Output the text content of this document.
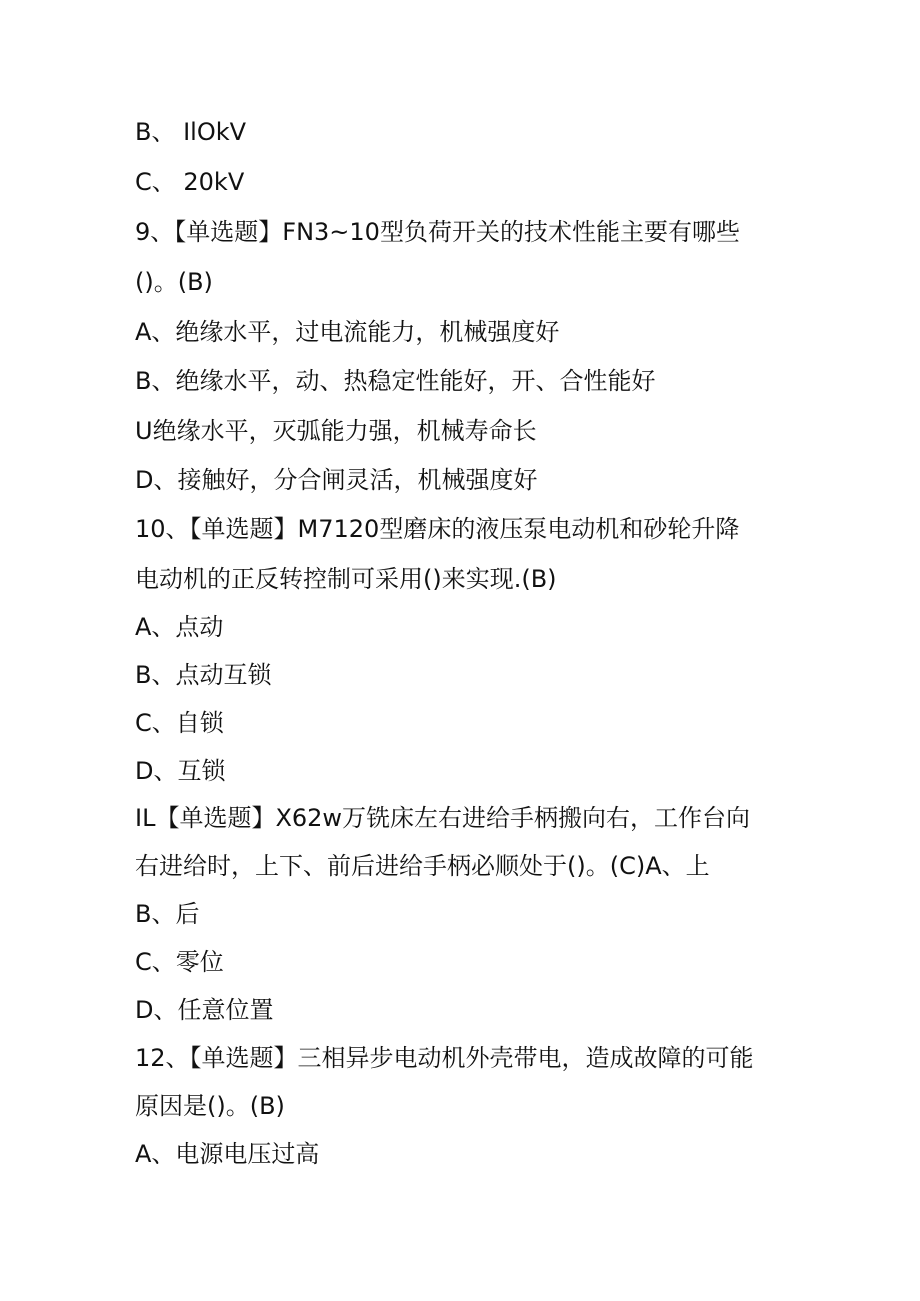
B、 IlOkV
C、 20kV
9、【单选题】FN3~10型负荷开关的技术性能主要有哪些
()。(B)
A、绝缘水平，过电流能力，机械强度好
B、绝缘水平，动、热稳定性能好，开、合性能好
U绝缘水平，灭弧能力强，机械寿命长
D、接触好，分合闸灵活，机械强度好
10、【单选题】M7120型磨床的液压泵电动机和砂轮升降
电动机的正反转控制可采用()来实现.(B)
A、点动
B、点动互锁
C、自锁
D、互锁
IL【单选题】X62w万铣床左右进给手柄搬向右，工作台向
右进给时，上下、前后进给手柄必顺处于()。(C)A、上
B、后
C、零位
D、任意位置
12、【单选题】三相异步电动机外壳带电，造成故障的可能
原因是()。(B)
A、电源电压过高
